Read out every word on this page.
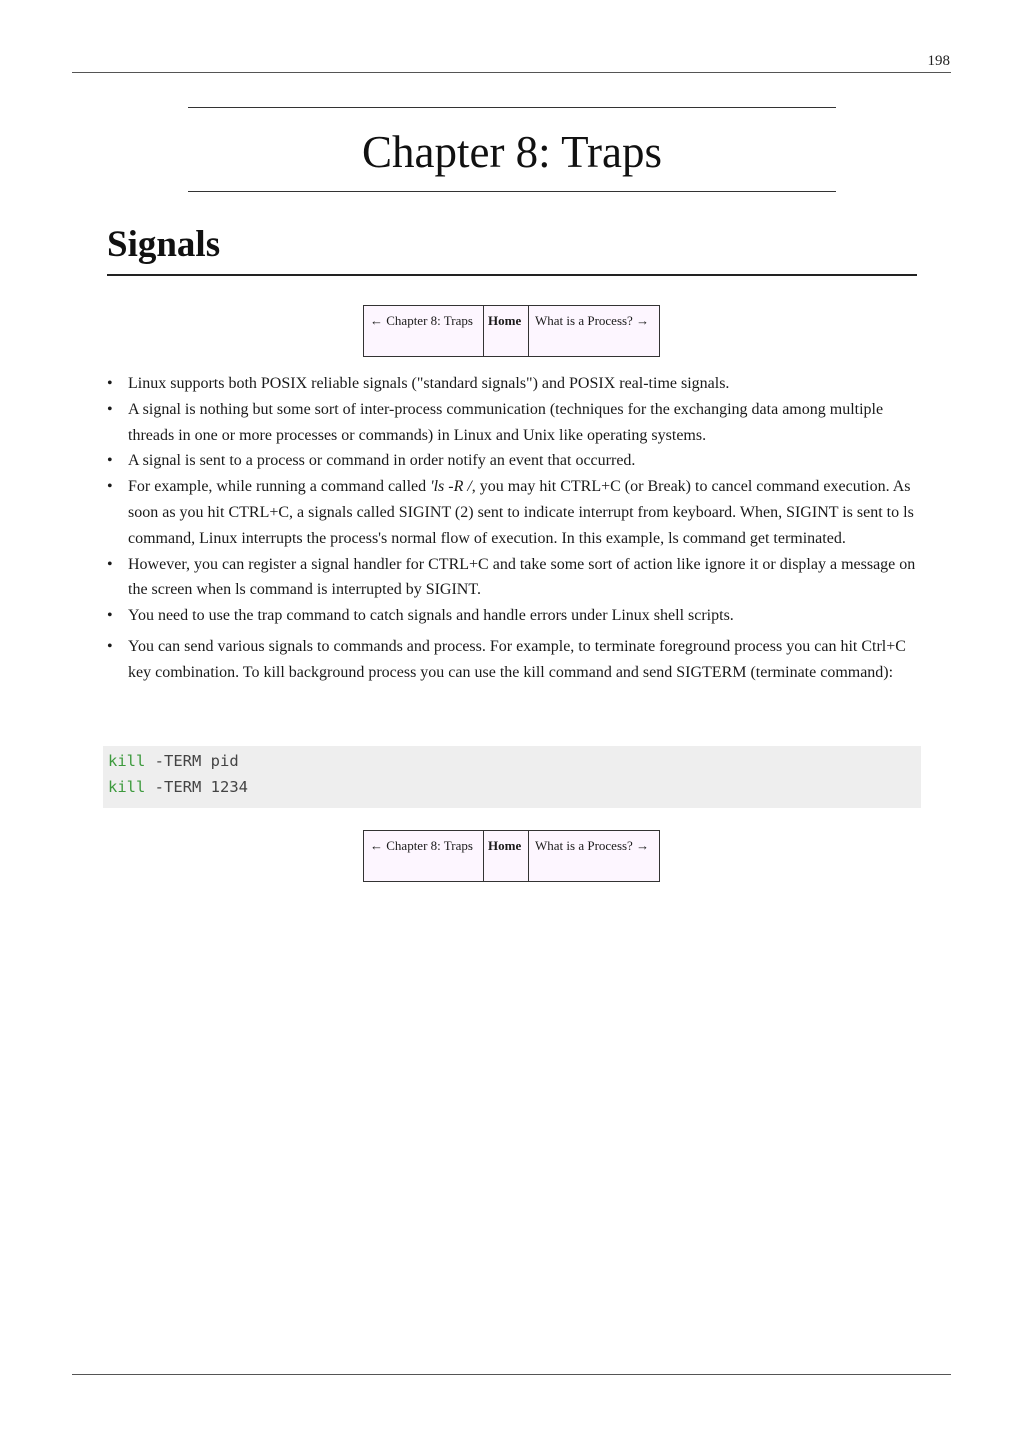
198
Chapter 8: Traps
Signals
← Chapter 8: Traps	Home	What is a Process? →
• Linux supports both POSIX reliable signals ("standard signals") and POSIX real-time signals.
• A signal is nothing but some sort of inter-process communication (techniques for the exchanging data among multiple threads in one or more processes or commands) in Linux and Unix like operating systems.
• A signal is sent to a process or command in order notify an event that occurred.
• For example, while running a command called 'ls -R /, you may hit CTRL+C (or Break) to cancel command execution. As soon as you hit CTRL+C, a signals called SIGINT (2) sent to indicate interrupt from keyboard. When, SIGINT is sent to ls command, Linux interrupts the process's normal flow of execution. In this example, ls command get terminated.
• However, you can register a signal handler for CTRL+C and take some sort of action like ignore it or display a message on the screen when ls command is interrupted by SIGINT.
• You need to use the trap command to catch signals and handle errors under Linux shell scripts.
• You can send various signals to commands and process. For example, to terminate foreground process you can hit Ctrl+C key combination. To kill background process you can use the kill command and send SIGTERM (terminate command):
kill -TERM pid
kill -TERM 1234
← Chapter 8: Traps	Home	What is a Process? →
